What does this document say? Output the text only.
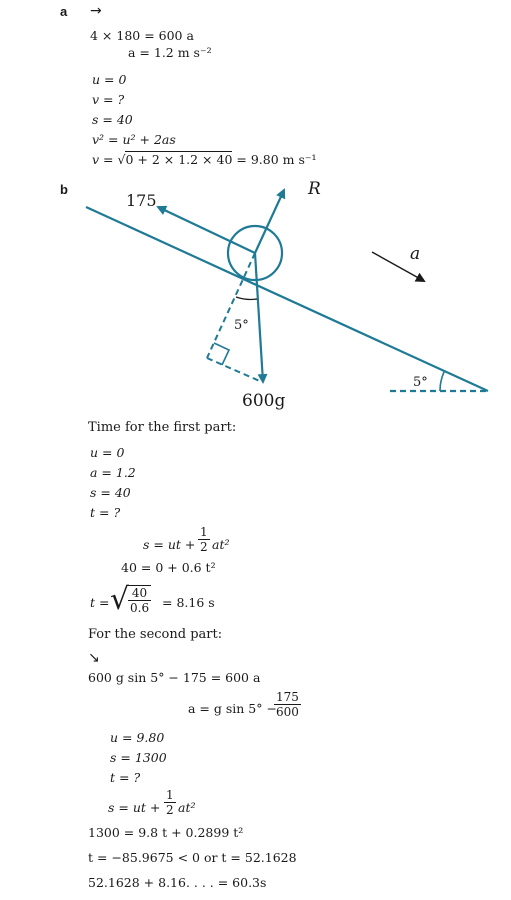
a →
4 × 180 = 600 a
a = 1.2 m s⁻²
u = 0
v = ?
s = 40
v² = u² + 2as
v = √0 + 2 × 1.2 × 40 = 9.80 m s⁻¹
b
175
R
5°
600g
5°
a
Time for the first part:
u = 0
a = 1.2
s = 40
t = ?
s = ut + $\frac{1}{2} at^2$
40 = 0 + 0.6 t²
t = √
$\frac{40}{0.6} = 8.16$ s
For the second part:
↘
600 g sin 5° − 175 = 600 a
a = g sin 5° −
$\frac{175}{600}$
u = 9.80
s = 1300
t = ?
s = ut + $\frac{1}{2} at^2$
1300 = 9.8 t + 0.2899 t²
t = −85.9675 < 0 or t = 52.1628
52.1628 + 8.16. . . . = 60.3s
